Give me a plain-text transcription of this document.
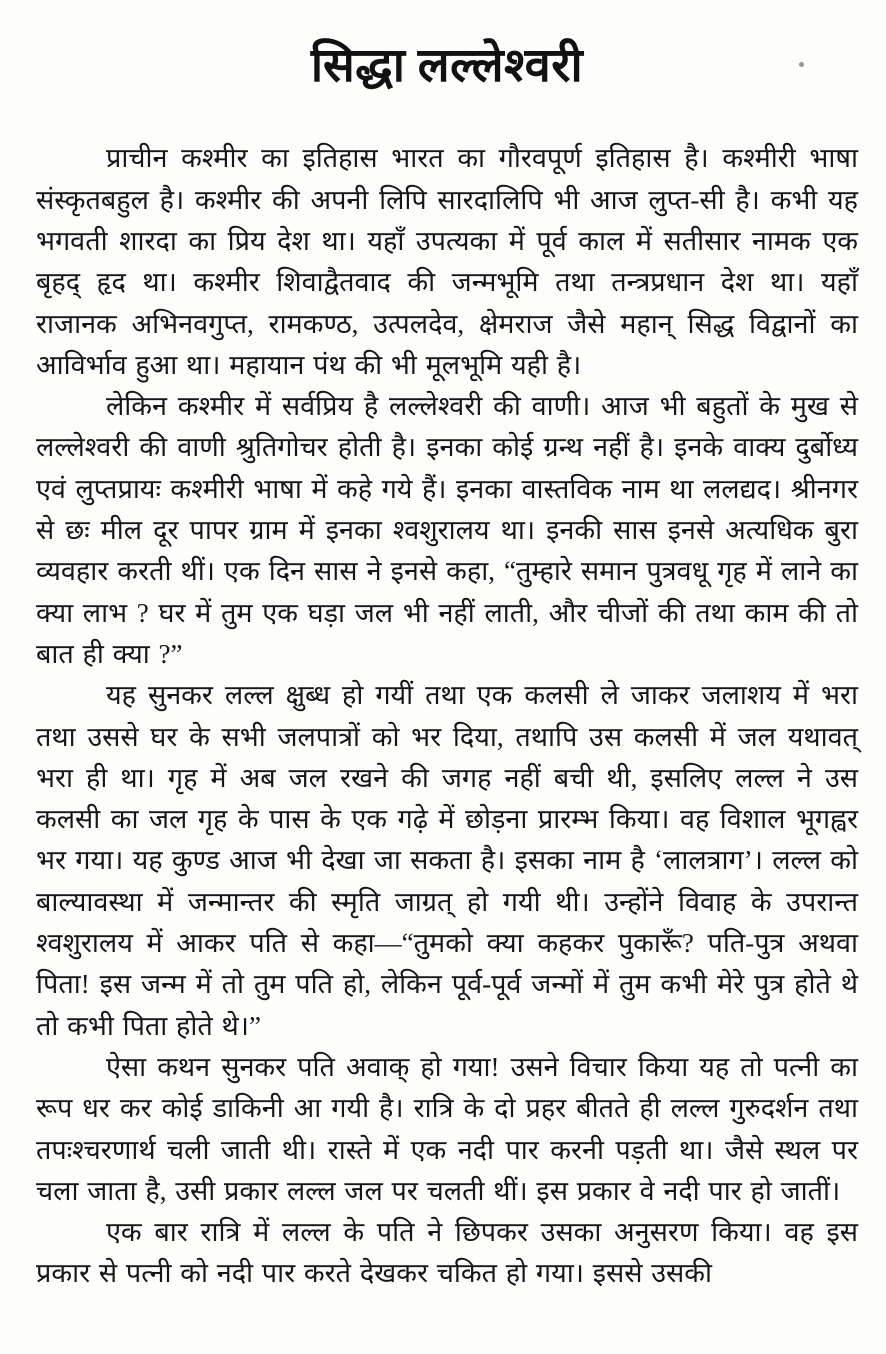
सिद्धा लल्लेश्वरी

प्राचीन कश्मीर का इतिहास भारत का गौरवपूर्ण इतिहास है। कश्मीरी भाषा संस्कृतबहुल है। कश्मीर की अपनी लिपि सारदालिपि भी आज लुप्त-सी है। कभी यह भगवती शारदा का प्रिय देश था। यहाँ उपत्यका में पूर्व काल में सतीसार नामक एक बृहद् हृद था। कश्मीर शिवाद्वैतवाद की जन्मभूमि तथा तन्त्रप्रधान देश था। यहाँ राजानक अभिनवगुप्त, रामकण्ठ, उत्पलदेव, क्षेमराज जैसे महान् सिद्ध विद्वानों का आविर्भाव हुआ था। महायान पंथ की भी मूलभूमि यही है।

लेकिन कश्मीर में सर्वप्रिय है लल्लेश्वरी की वाणी। आज भी बहुतों के मुख से लल्लेश्वरी की वाणी श्रुतिगोचर होती है। इनका कोई ग्रन्थ नहीं है। इनके वाक्य दुर्बोध्य एवं लुप्तप्रायः कश्मीरी भाषा में कहे गये हैं। इनका वास्तविक नाम था ललद्यद। श्रीनगर से छः मील दूर पापर ग्राम में इनका श्वशुरालय था। इनकी सास इनसे अत्यधिक बुरा व्यवहार करती थीं। एक दिन सास ने इनसे कहा, “तुम्हारे समान पुत्रवधू गृह में लाने का क्या लाभ ? घर में तुम एक घड़ा जल भी नहीं लाती, और चीजों की तथा काम की तो बात ही क्या ?”

यह सुनकर लल्ल क्षुब्ध हो गयीं तथा एक कलसी ले जाकर जलाशय में भरा तथा उससे घर के सभी जलपात्रों को भर दिया, तथापि उस कलसी में जल यथावत् भरा ही था। गृह में अब जल रखने की जगह नहीं बची थी, इसलिए लल्ल ने उस कलसी का जल गृह के पास के एक गढ़े में छोड़ना प्रारम्भ किया। वह विशाल भूगह्वर भर गया। यह कुण्ड आज भी देखा जा सकता है। इसका नाम है ‘लालत्राग’। लल्ल को बाल्यावस्था में जन्मान्तर की स्मृति जाग्रत् हो गयी थी। उन्होंने विवाह के उपरान्त श्वशुरालय में आकर पति से कहा—“तुमको क्या कहकर पुकारूँ? पति-पुत्र अथवा पिता! इस जन्म में तो तुम पति हो, लेकिन पूर्व-पूर्व जन्मों में तुम कभी मेरे पुत्र होते थे तो कभी पिता होते थे।”

ऐसा कथन सुनकर पति अवाक् हो गया! उसने विचार किया यह तो पत्नी का रूप धर कर कोई डाकिनी आ गयी है। रात्रि के दो प्रहर बीतते ही लल्ल गुरुदर्शन तथा तपःश्चरणार्थ चली जाती थी। रास्ते में एक नदी पार करनी पड़ती था। जैसे स्थल पर चला जाता है, उसी प्रकार लल्ल जल पर चलती थीं। इस प्रकार वे नदी पार हो जातीं।

एक बार रात्रि में लल्ल के पति ने छिपकर उसका अनुसरण किया। वह इस प्रकार से पत्नी को नदी पार करते देखकर चकित हो गया। इससे उसकी
